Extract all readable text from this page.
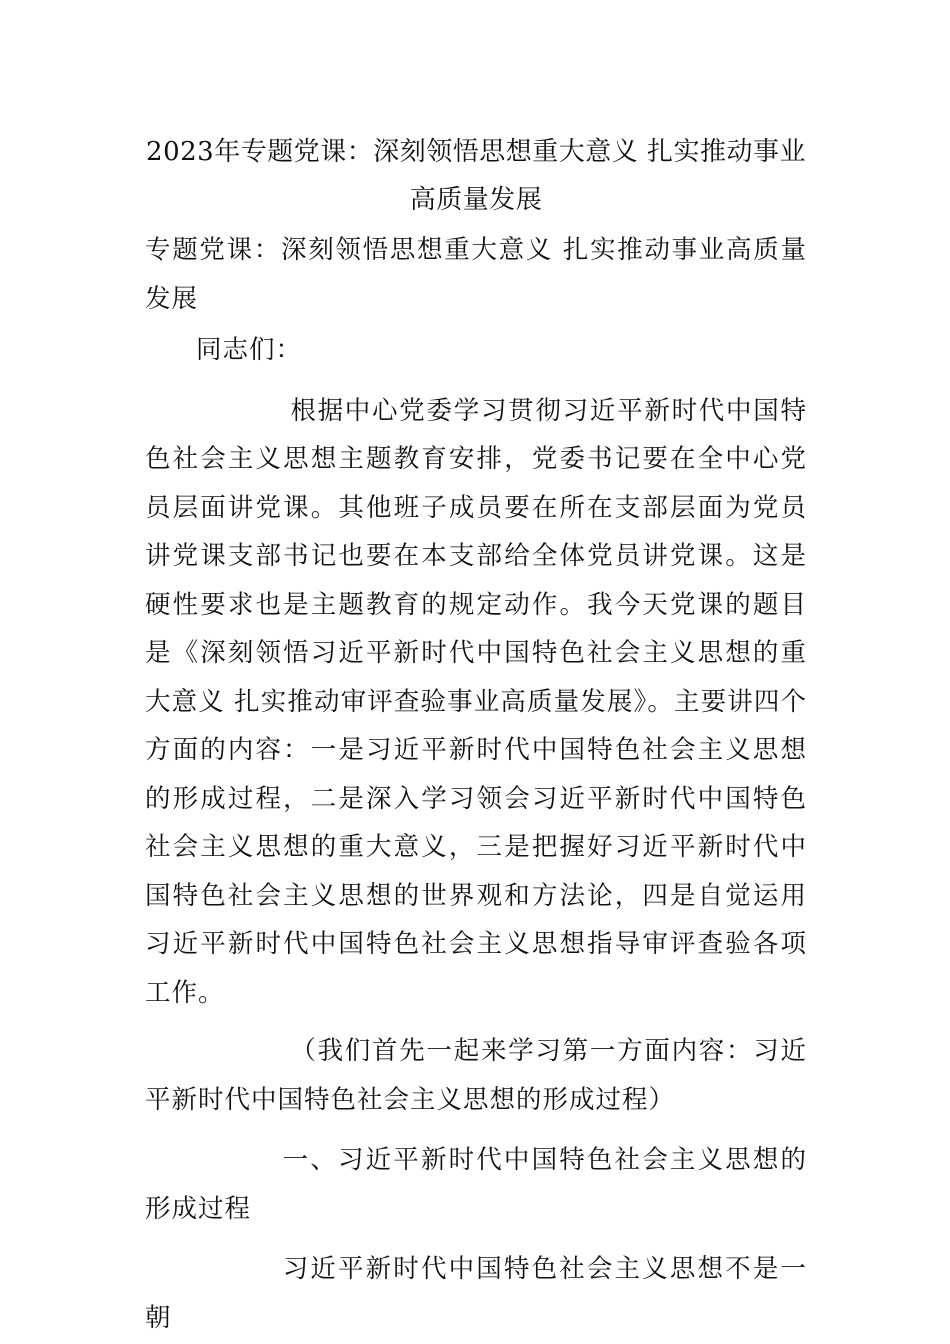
2023年专题党课：深刻领悟思想重大意义 扎实推动事业高质量发展

专题党课：深刻领悟思想重大意义 扎实推动事业高质量发展

同志们：

根据中心党委学习贯彻习近平新时代中国特色社会主义思想主题教育安排，党委书记要在全中心党员层面讲党课。其他班子成员要在所在支部层面为党员讲党课支部书记也要在本支部给全体党员讲党课。这是硬性要求也是主题教育的规定动作。我今天党课的题目是《深刻领悟习近平新时代中国特色社会主义思想的重大意义 扎实推动审评查验事业高质量发展》。主要讲四个方面的内容：一是习近平新时代中国特色社会主义思想的形成过程，二是深入学习领会习近平新时代中国特色社会主义思想的重大意义，三是把握好习近平新时代中国特色社会主义思想的世界观和方法论，四是自觉运用习近平新时代中国特色社会主义思想指导审评查验各项工作。

（我们首先一起来学习第一方面内容：习近平新时代中国特色社会主义思想的形成过程）

一、习近平新时代中国特色社会主义思想的形成过程

习近平新时代中国特色社会主义思想不是一朝
